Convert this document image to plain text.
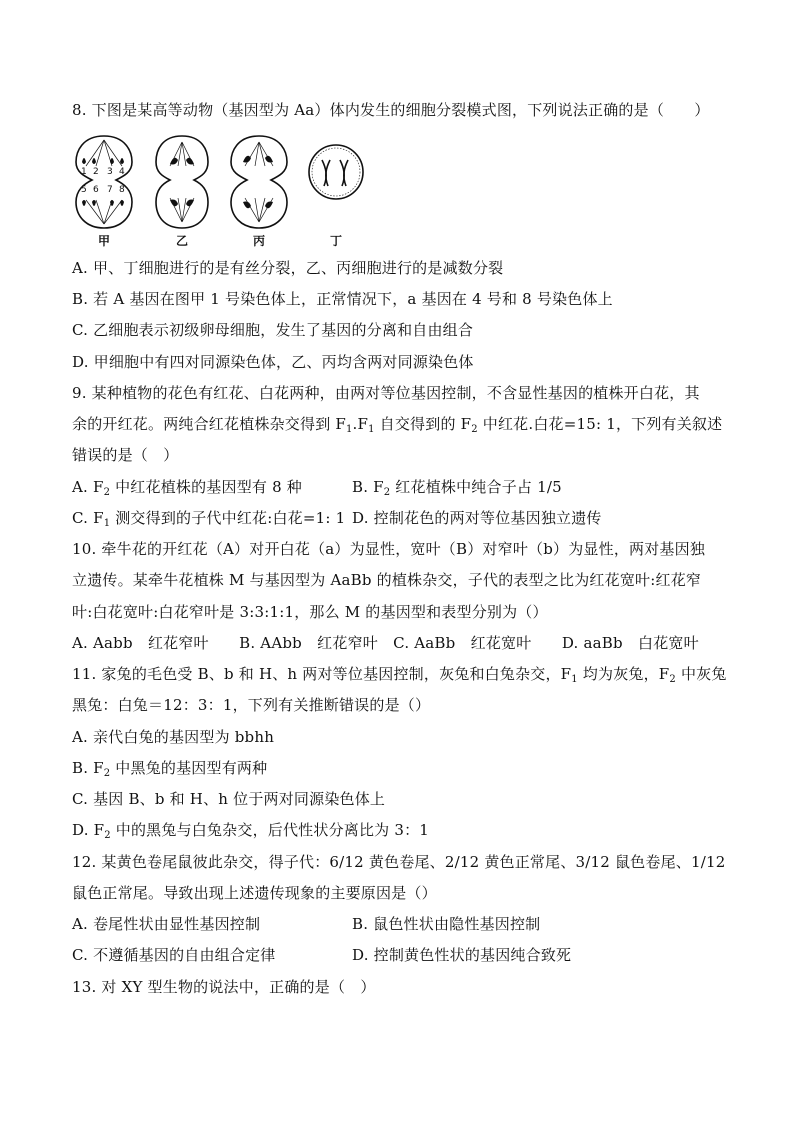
8. 下图是某高等动物（基因型为 Aa）体内发生的细胞分裂模式图，下列说法正确的是（　　）
1 2 3 4
5 6 7 8
甲	乙	丙	丁
A. 甲、丁细胞进行的是有丝分裂，乙、丙细胞进行的是减数分裂
B. 若 A 基因在图甲 1 号染色体上，正常情况下，a 基因在 4 号和 8 号染色体上
C. 乙细胞表示初级卵母细胞，发生了基因的分离和自由组合
D. 甲细胞中有四对同源染色体，乙、丙均含两对同源染色体
9. 某种植物的花色有红花、白花两种，由两对等位基因控制，不含显性基因的植株开白花，其
余的开红花。两纯合红花植株杂交得到 $F_1.F_1$ 自交得到的 $F_2$ 中红花.白花=15: 1，下列有关叙述
错误的是（　）
A. $F_2$ 中红花植株的基因型有 8 种	B. $F_2$ 红花植株中纯合子占 1/5
C. $F_1$ 测交得到的子代中红花:白花=1: 1 D. 控制花色的两对等位基因独立遗传
10. 牵牛花的开红花（A）对开白花（a）为显性，宽叶（B）对窄叶（b）为显性，两对基因独
立遗传。某牵牛花植株 M 与基因型为 AaBb 的植株杂交，子代的表型之比为红花宽叶:红花窄
叶:白花宽叶:白花窄叶是 3:3:1:1，那么 M 的基因型和表型分别为（）
A. Aabb　红花窄叶　　B. AAbb　红花窄叶　C. AaBb　红花宽叶　　D. aaBb　白花宽叶
11. 家兔的毛色受 B、b 和 H、h 两对等位基因控制，灰兔和白兔杂交，$F_1$ 均为灰兔，$F_2$ 中灰兔
黑兔：白兔＝12：3：1，下列有关推断错误的是（）
A. 亲代白兔的基因型为 bbhh
B. $F_2$ 中黑兔的基因型有两种
C. 基因 B、b 和 H、h 位于两对同源染色体上
D. $F_2$ 中的黑兔与白兔杂交，后代性状分离比为 3：1
12. 某黄色卷尾鼠彼此杂交，得子代：6/12 黄色卷尾、2/12 黄色正常尾、3/12 鼠色卷尾、1/12
鼠色正常尾。导致出现上述遗传现象的主要原因是（）
A. 卷尾性状由显性基因控制	B. 鼠色性状由隐性基因控制
C. 不遵循基因的自由组合定律	D. 控制黄色性状的基因纯合致死
13. 对 XY 型生物的说法中，正确的是（　）
